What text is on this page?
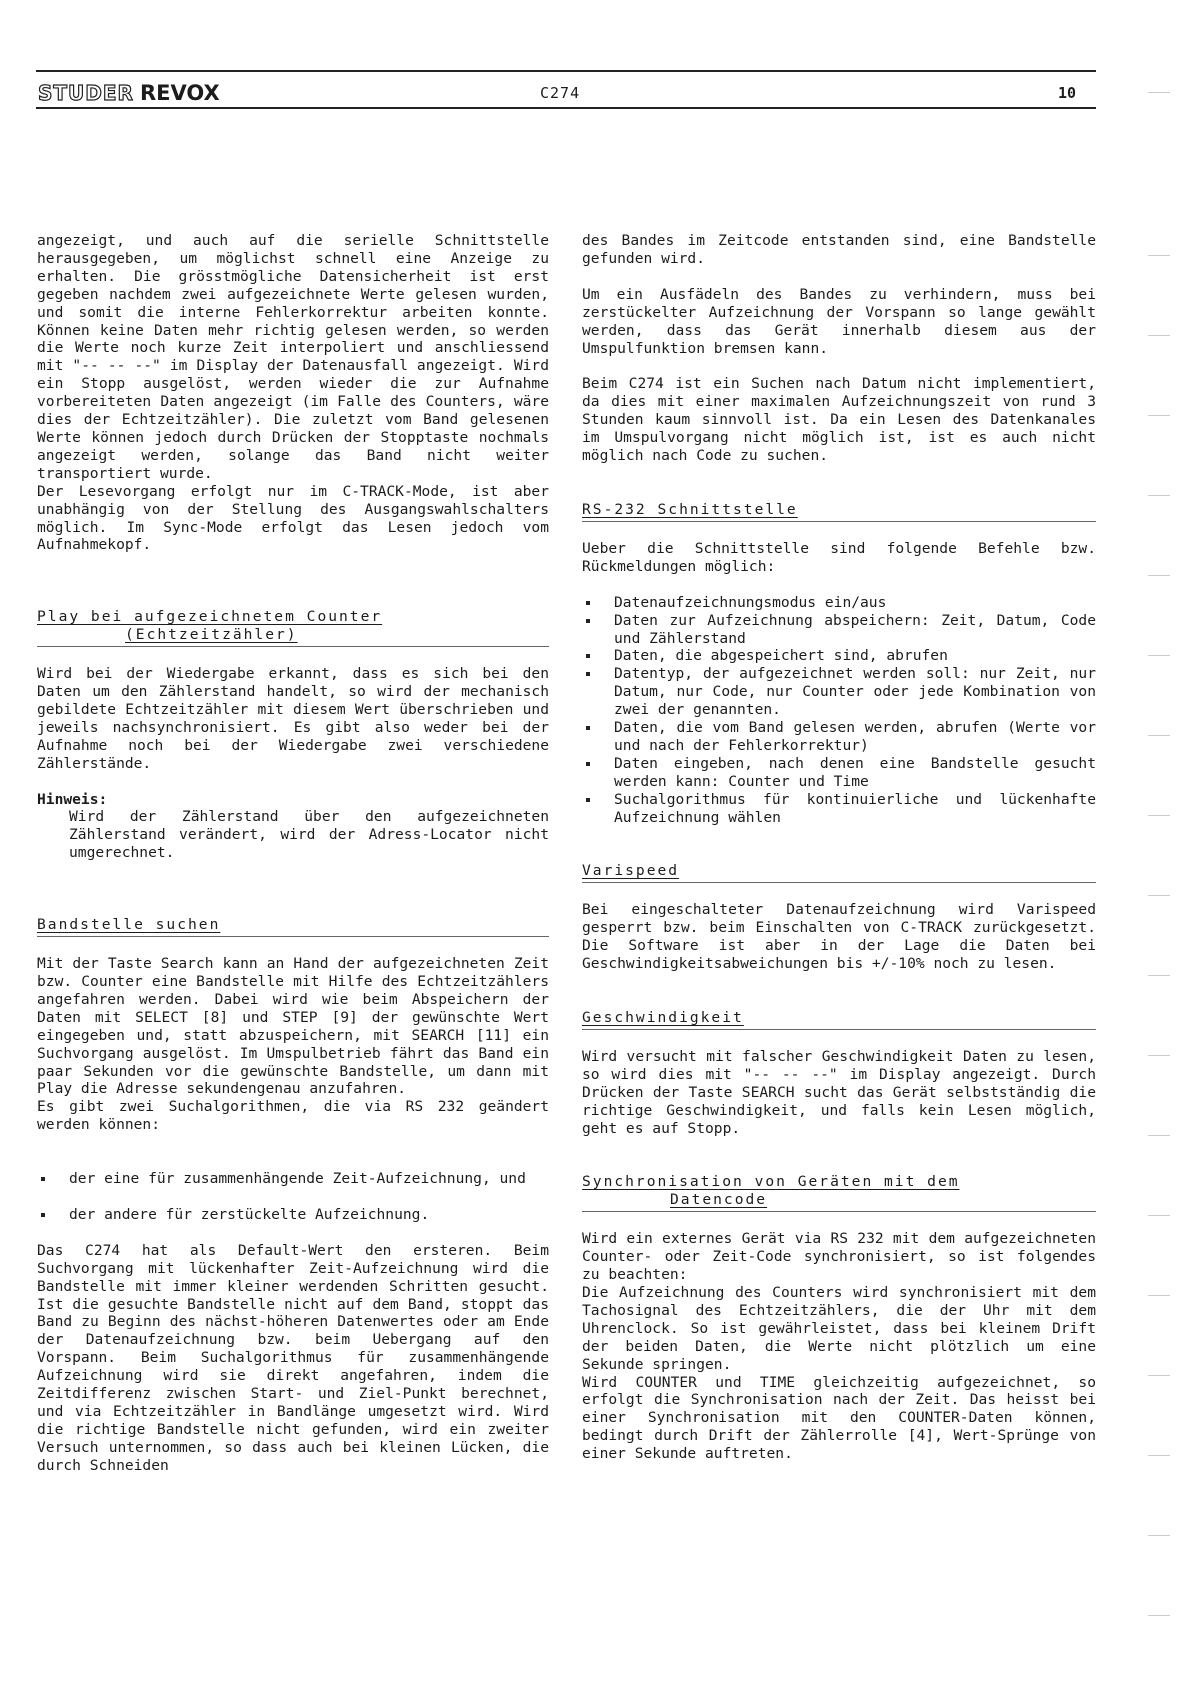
STUDER REVOX	C274	10

angezeigt, und auch auf die serielle Schnittstelle herausgegeben, um möglichst schnell eine Anzeige zu erhalten. Die grösstmögliche Datensicherheit ist erst gegeben nachdem zwei aufgezeichnete Werte gelesen wurden, und somit die interne Fehlerkorrektur arbeiten konnte. Können keine Daten mehr richtig gelesen werden, so werden die Werte noch kurze Zeit interpoliert und anschliessend mit "-- -- --" im Display der Datenausfall angezeigt. Wird ein Stopp ausgelöst, werden wieder die zur Aufnahme vorbereiteten Daten angezeigt (im Falle des Counters, wäre dies der Echtzeitzähler). Die zuletzt vom Band gelesenen Werte können jedoch durch Drücken der Stopptaste nochmals angezeigt werden, solange das Band nicht weiter transportiert wurde.

Der Lesevorgang erfolgt nur im C-TRACK-Mode, ist aber unabhängig von der Stellung des Ausgangswahlschalters möglich. Im Sync-Mode erfolgt das Lesen jedoch vom Aufnahmekopf.

Play bei aufgezeichnetem Counter
(Echtzeitzähler)

Wird bei der Wiedergabe erkannt, dass es sich bei den Daten um den Zählerstand handelt, so wird der mechanisch gebildete Echtzeitzähler mit diesem Wert überschrieben und jeweils nachsynchronisiert. Es gibt also weder bei der Aufnahme noch bei der Wiedergabe zwei verschiedene Zählerstände.

Hinweis:

Wird der Zählerstand über den aufgezeichneten Zählerstand verändert, wird der Adress-Locator nicht umgerechnet.

Bandstelle suchen

Mit der Taste Search kann an Hand der aufgezeichneten Zeit bzw. Counter eine Bandstelle mit Hilfe des Echtzeitzählers angefahren werden. Dabei wird wie beim Abspeichern der Daten mit SELECT [8] und STEP [9] der gewünschte Wert eingegeben und, statt abzuspeichern, mit SEARCH [11] ein Suchvorgang ausgelöst. Im Umspulbetrieb fährt das Band ein paar Sekunden vor die gewünschte Bandstelle, um dann mit Play die Adresse sekundengenau anzufahren.

Es gibt zwei Suchalgorithmen, die via RS 232 geändert werden können:

der eine für zusammenhängende Zeit-Aufzeichnung, und
der andere für zerstückelte Aufzeichnung.

Das C274 hat als Default-Wert den ersteren. Beim Suchvorgang mit lückenhafter Zeit-Aufzeichnung wird die Bandstelle mit immer kleiner werdenden Schritten gesucht. Ist die gesuchte Bandstelle nicht auf dem Band, stoppt das Band zu Beginn des nächst-höheren Datenwertes oder am Ende der Datenaufzeichnung bzw. beim Uebergang auf den Vorspann. Beim Suchalgorithmus für zusammenhängende Aufzeichnung wird sie direkt angefahren, indem die Zeitdifferenz zwischen Start- und Ziel-Punkt berechnet, und via Echtzeitzähler in Bandlänge umgesetzt wird. Wird die richtige Bandstelle nicht gefunden, wird ein zweiter Versuch unternommen, so dass auch bei kleinen Lücken, die durch Schneiden

des Bandes im Zeitcode entstanden sind, eine Bandstelle gefunden wird.

Um ein Ausfädeln des Bandes zu verhindern, muss bei zerstückelter Aufzeichnung der Vorspann so lange gewählt werden, dass das Gerät innerhalb diesem aus der Umspulfunktion bremsen kann.

Beim C274 ist ein Suchen nach Datum nicht implementiert, da dies mit einer maximalen Aufzeichnungszeit von rund 3 Stunden kaum sinnvoll ist. Da ein Lesen des Datenkanales im Umspulvorgang nicht möglich ist, ist es auch nicht möglich nach Code zu suchen.

RS-232 Schnittstelle

Ueber die Schnittstelle sind folgende Befehle bzw. Rückmeldungen möglich:

Datenaufzeichnungsmodus ein/aus
Daten zur Aufzeichnung abspeichern: Zeit, Datum, Code und Zählerstand
Daten, die abgespeichert sind, abrufen
Datentyp, der aufgezeichnet werden soll: nur Zeit, nur Datum, nur Code, nur Counter oder jede Kombination von zwei der genannten.
Daten, die vom Band gelesen werden, abrufen (Werte vor und nach der Fehlerkorrektur)
Daten eingeben, nach denen eine Bandstelle gesucht werden kann: Counter und Time
Suchalgorithmus für kontinuierliche und lückenhafte Aufzeichnung wählen
Varispeed

Bei eingeschalteter Datenaufzeichnung wird Varispeed gesperrt bzw. beim Einschalten von C-TRACK zurückgesetzt. Die Software ist aber in der Lage die Daten bei Geschwindigkeitsabweichungen bis +/-10% noch zu lesen.

Geschwindigkeit

Wird versucht mit falscher Geschwindigkeit Daten zu lesen, so wird dies mit "-- -- --" im Display angezeigt. Durch Drücken der Taste SEARCH sucht das Gerät selbstständig die richtige Geschwindigkeit, und falls kein Lesen möglich, geht es auf Stopp.

Synchronisation von Geräten mit dem
Datencode

Wird ein externes Gerät via RS 232 mit dem aufgezeichneten Counter- oder Zeit-Code synchronisiert, so ist folgendes zu beachten:

Die Aufzeichnung des Counters wird synchronisiert mit dem Tachosignal des Echtzeitzählers, die der Uhr mit dem Uhrenclock. So ist gewährleistet, dass bei kleinem Drift der beiden Daten, die Werte nicht plötzlich um eine Sekunde springen.

Wird COUNTER und TIME gleichzeitig aufgezeichnet, so erfolgt die Synchronisation nach der Zeit. Das heisst bei einer Synchronisation mit den COUNTER-Daten können, bedingt durch Drift der Zählerrolle [4], Wert-Sprünge von einer Sekunde auftreten.
